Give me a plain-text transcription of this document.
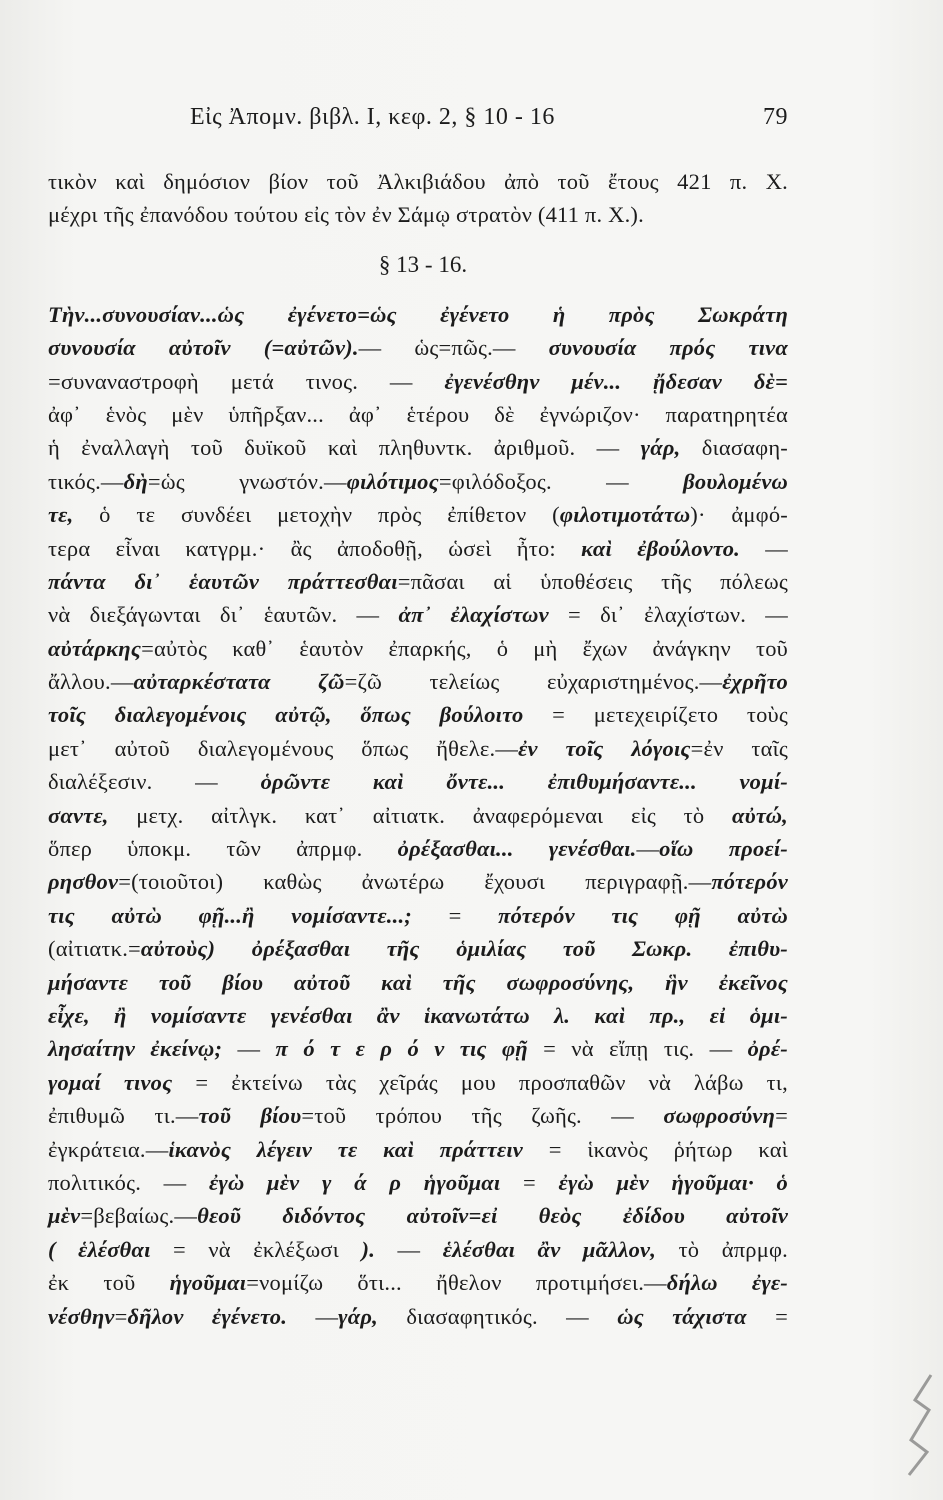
Εἰς Ἀπομν. βιβλ. Ι, κεφ. 2, § 10 - 16	79
τικὸν καὶ δημόσιον βίον τοῦ Ἀλκιβιάδου ἀπὸ τοῦ ἔτους 421 π. Χ.
μέχρι τῆς ἐπανόδου τούτου εἰς τὸν ἐν Σάμῳ στρατὸν (411 π. Χ.).
§ 13 - 16.
Τὴν...συνουσίαν...ὡς ἐγένετο=ὡς ἐγένετο ἡ πρὸς Σωκράτη
συνουσία αὐτοῖν (=αὐτῶν).— ὡς=πῶς.— συνουσία πρός τινα
=συναναστροφὴ μετά τινος. — ἐγενέσθην μέν... ᾔδεσαν δὲ=
ἀφ᾽ ἑνὸς μὲν ὑπῆρξαν... ἀφ᾽ ἑτέρου δὲ ἐγνώριζον· παρατηρητέα
ἡ ἐναλλαγὴ τοῦ δυϊκοῦ καὶ πληθυντκ. ἀριθμοῦ. — γάρ, διασαφη-
τικός.—δὴ=ὡς γνωστόν.—φιλότιμος=φιλόδοξος. — βουλομένω
τε, ὁ τε συνδέει μετοχὴν πρὸς ἐπίθετον (φιλοτιμοτάτω)· ἀμφό-
τερα εἶναι κατγρμ.· ἂς ἀποδοθῇ, ὡσεὶ ἦτο: καὶ ἐβούλοντο. —
πάντα δι᾽ ἑαυτῶν πράττεσθαι=πᾶσαι αἱ ὑποθέσεις τῆς πόλεως
νὰ διεξάγωνται δι᾽ ἑαυτῶν. — ἀπ᾽ ἐλαχίστων = δι᾽ ἐλαχίστων. —
αὐτάρκης=αὐτὸς καθ᾽ ἑαυτὸν ἐπαρκής, ὁ μὴ ἔχων ἀνάγκην τοῦ
ἄλλου.—αὐταρκέστατα ζῶ=ζῶ τελείως εὐχαριστημένος.—ἐχρῆτο
τοῖς διαλεγομένοις αὐτῷ, ὅπως βούλοιτο = μετεχειρίζετο τοὺς
μετ᾽ αὐτοῦ διαλεγομένους ὅπως ἤθελε.—ἐν τοῖς λόγοις=ἐν ταῖς
διαλέξεσιν. — ὁρῶντε καὶ ὄντε... ἐπιθυμήσαντε... νομί-
σαντε, μετχ. αἰτλγκ. κατ᾽ αἰτιατκ. ἀναφερόμεναι εἰς τὸ αὐτώ,
ὅπερ ὑποκμ. τῶν ἀπρμφ. ὀρέξασθαι... γενέσθαι.—οἵω προεί-
ρησθον=(τοιοῦτοι) καθὼς ἀνωτέρω ἔχουσι περιγραφῇ.—πότερόν
τις αὐτὼ φῇ...ἢ νομίσαντε...; = πότερόν τις φῇ αὐτὼ
(αἰτιατκ.=αὐτοὺς) ὀρέξασθαι τῆς ὁμιλίας τοῦ Σωκρ. ἐπιθυ-
μήσαντε τοῦ βίου αὐτοῦ καὶ τῆς σωφροσύνης, ἣν ἐκεῖνος
εἶχε, ἢ νομίσαντε γενέσθαι ἂν ἱκανωτάτω λ. καὶ πρ., εἰ ὁμι-
λησαίτην ἐκείνῳ; — π ό τ ε ρ ό ν τις φῇ = νὰ εἴπῃ τις. — ὀρέ-
γομαί τινος = ἐκτείνω τὰς χεῖράς μου προσπαθῶν νὰ λάβω τι,
ἐπιθυμῶ τι.—τοῦ βίου=τοῦ τρόπου τῆς ζωῆς. — σωφροσύνη=
ἐγκράτεια.—ἱκανὸς λέγειν τε καὶ πράττειν = ἱκανὸς ῥήτωρ καὶ
πολιτικός. — ἐγὼ μὲν γ ά ρ ἡγοῦμαι = ἐγὼ μὲν ἡγοῦμαι· ὁ
μὲν=βεβαίως.—θεοῦ διδόντος αὐτοῖν=εἰ θεὸς ἐδίδου αὐτοῖν
( ἑλέσθαι = νὰ ἐκλέξωσι ). — ἑλέσθαι ἂν μᾶλλον, τὸ ἀπρμφ.
ἐκ τοῦ ἡγοῦμαι=νομίζω ὅτι... ἤθελον προτιμήσει.—δήλω ἐγε-
νέσθην=δῆλον ἐγένετο. —γάρ, διασαφητικός. — ὡς τάχιστα =
